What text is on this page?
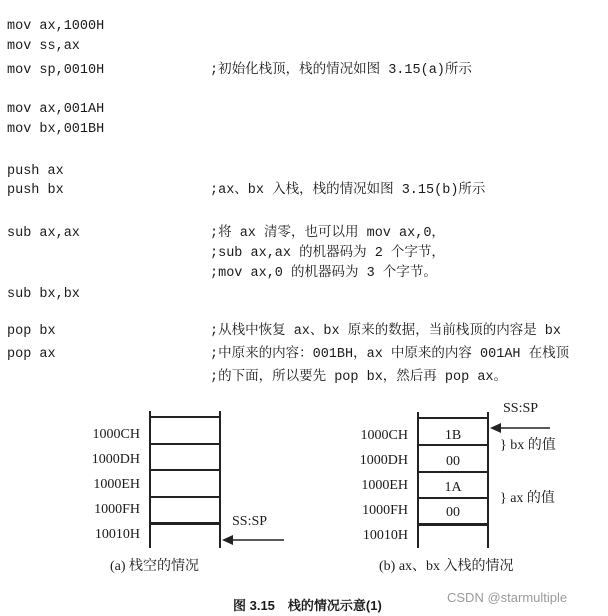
mov ax,1000H
mov ss,ax
mov sp,0010H	;初始化栈顶，栈的情况如图 3.15(a)所示
mov ax,001AH
mov bx,001BH
push ax
push bx	;ax、bx 入栈，栈的情况如图 3.15(b)所示
sub ax,ax	;将 ax 清零，也可以用 mov ax,0，
;sub ax,ax 的机器码为 2 个字节，
;mov ax,0 的机器码为 3 个字节。
sub bx,bx
pop bx	;从栈中恢复 ax、bx 原来的数据，当前栈顶的内容是 bx
pop ax	;中原来的内容：001BH，ax 中原来的内容 001AH 在栈顶
;的下面，所以要先 pop bx，然后再 pop ax。
1000CH
1000DH
1000EH
1000FH
10010H
SS:SP
(a) 栈空的情况
1000CH
1000DH
1000EH
1000FH
10010H
1B
00
1A
00
SS:SP
} bx 的值
} ax 的值
(b) ax、bx 入栈的情况
图 3.15　栈的情况示意(1)
CSDN @starmultiple
